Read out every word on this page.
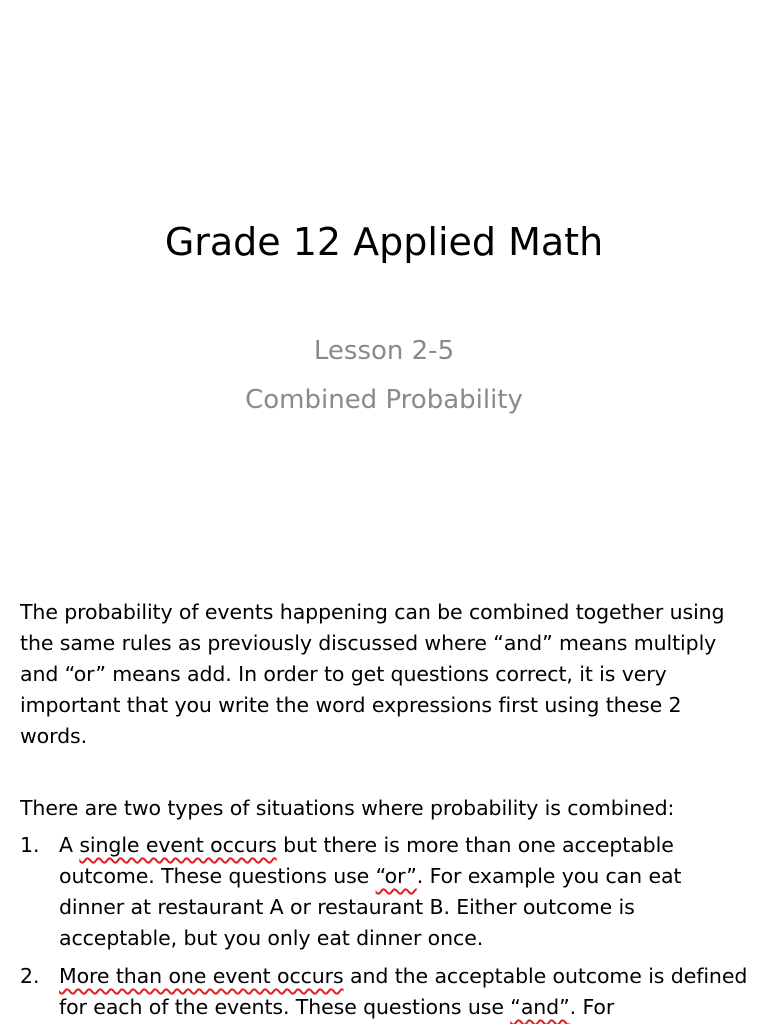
Grade 12 Applied Math

Lesson 2-5

Combined Probability

The probability of events happening can be combined together using the same rules as previously discussed where “and” means multiply and “or” means add. In order to get questions correct, it is very important that you write the word expressions first using these 2 words.

There are two types of situations where probability is combined:

1. A single event occurs but there is more than one acceptable outcome. These questions use “or”. For example you can eat dinner at restaurant A or restaurant B. Either outcome is acceptable, but you only eat dinner once.
2. More than one event occurs and the acceptable outcome is defined for each of the events. These questions use “and”. For
